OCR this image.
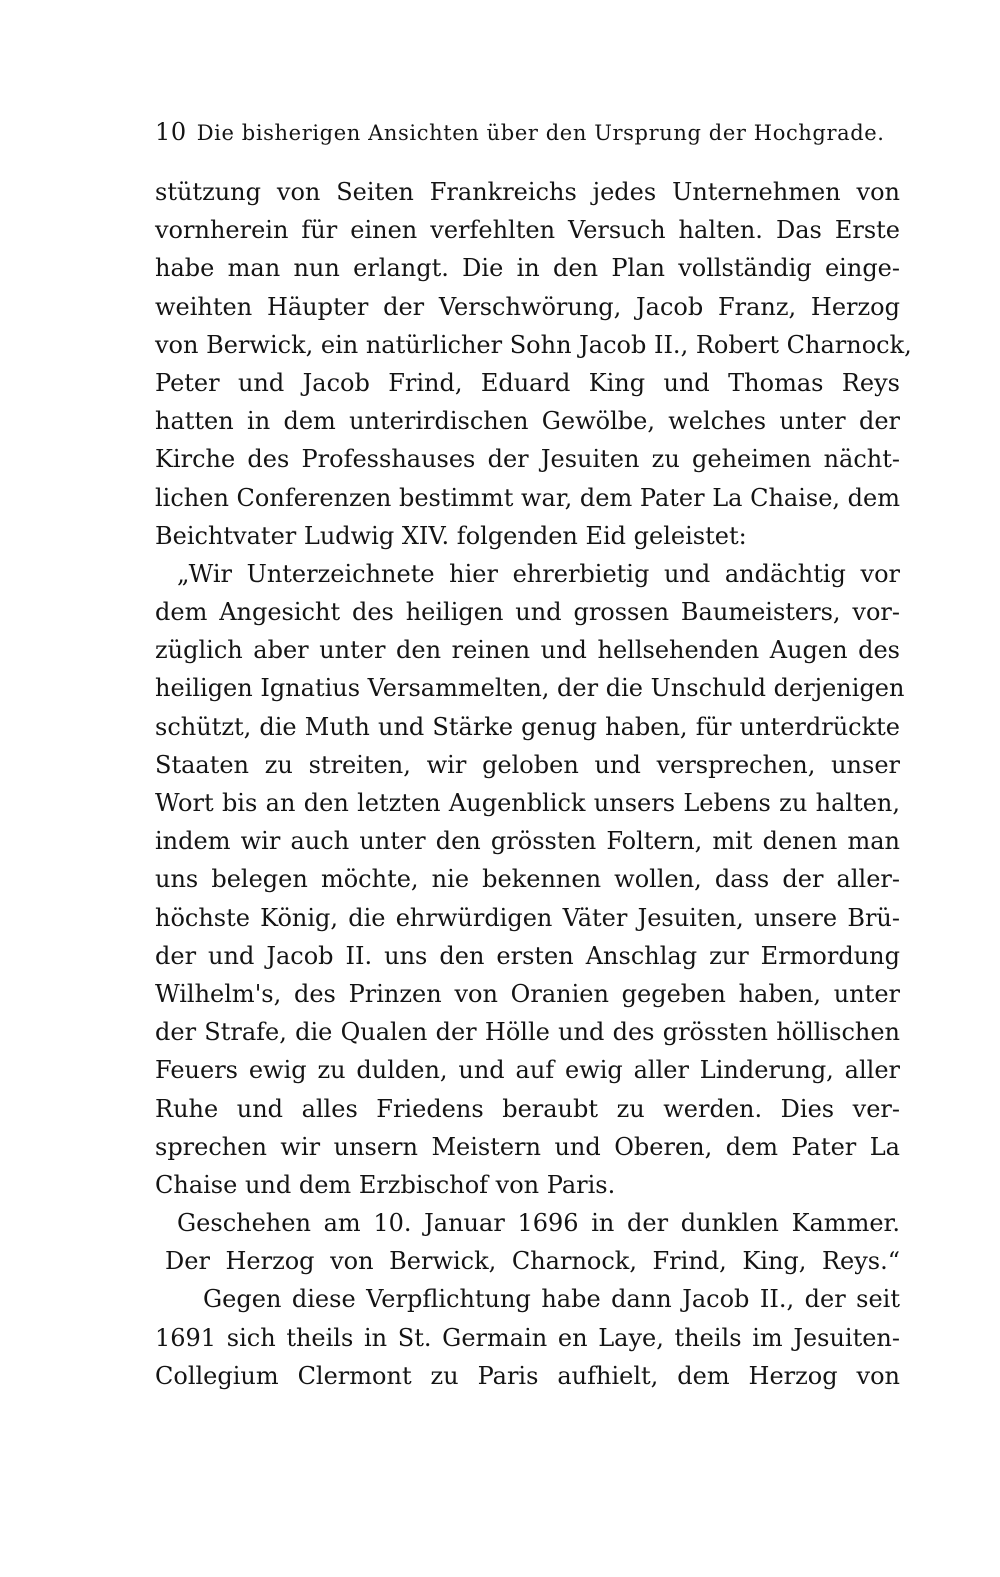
10 Die bisherigen Ansichten über den Ursprung der Hochgrade.
stützung von Seiten Frankreichs jedes Unternehmen von
vornherein für einen verfehlten Versuch halten. Das Erste
habe man nun erlangt. Die in den Plan vollständig einge-
weihten Häupter der Verschwörung, Jacob Franz, Herzog
von Berwick, ein natürlicher Sohn Jacob II., Robert Charnock,
Peter und Jacob Frind, Eduard King und Thomas Reys
hatten in dem unterirdischen Gewölbe, welches unter der
Kirche des Professhauses der Jesuiten zu geheimen nächt-
lichen Conferenzen bestimmt war, dem Pater La Chaise, dem
Beichtvater Ludwig XIV. folgenden Eid geleistet:
„Wir Unterzeichnete hier ehrerbietig und andächtig vor
dem Angesicht des heiligen und grossen Baumeisters, vor-
züglich aber unter den reinen und hellsehenden Augen des
heiligen Ignatius Versammelten, der die Unschuld derjenigen
schützt, die Muth und Stärke genug haben, für unterdrückte
Staaten zu streiten, wir geloben und versprechen, unser
Wort bis an den letzten Augenblick unsers Lebens zu halten,
indem wir auch unter den grössten Foltern, mit denen man
uns belegen möchte, nie bekennen wollen, dass der aller-
höchste König, die ehrwürdigen Väter Jesuiten, unsere Brü-
der und Jacob II. uns den ersten Anschlag zur Ermordung
Wilhelm's, des Prinzen von Oranien gegeben haben, unter
der Strafe, die Qualen der Hölle und des grössten höllischen
Feuers ewig zu dulden, und auf ewig aller Linderung, aller
Ruhe und alles Friedens beraubt zu werden. Dies ver-
sprechen wir unsern Meistern und Oberen, dem Pater La
Chaise und dem Erzbischof von Paris.
Geschehen am 10. Januar 1696 in der dunklen Kammer.
Der Herzog von Berwick, Charnock, Frind, King, Reys.“
Gegen diese Verpflichtung habe dann Jacob II., der seit
1691 sich theils in St. Germain en Laye, theils im Jesuiten-
Collegium Clermont zu Paris aufhielt, dem Herzog von
